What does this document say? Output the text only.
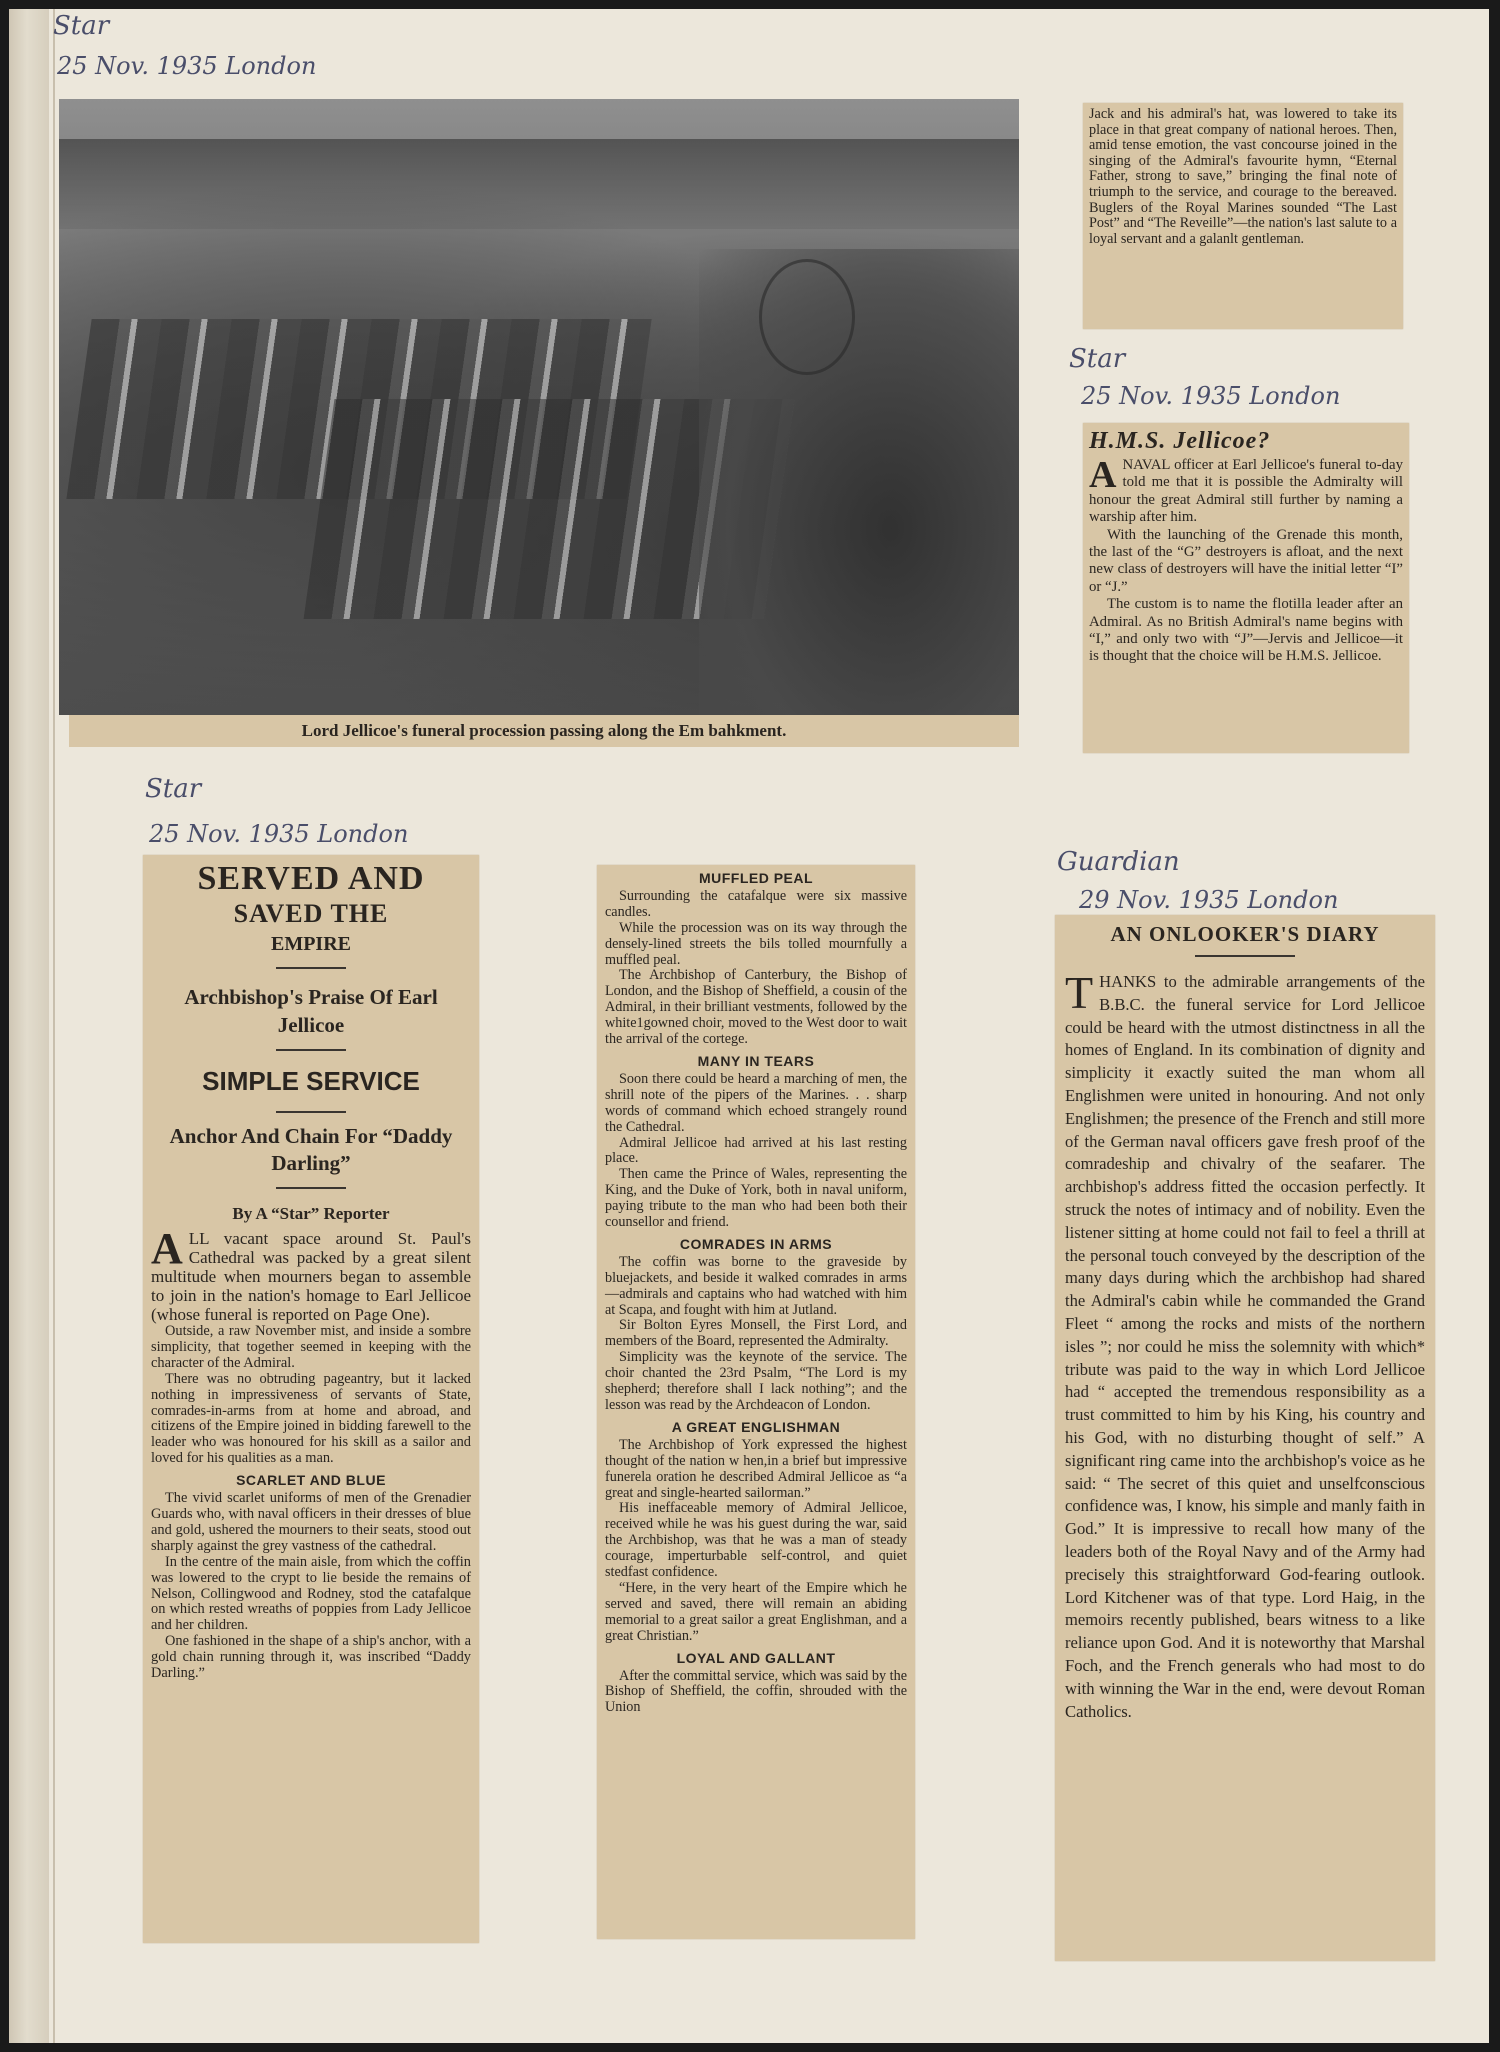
Star
25 Nov. 1935 London
Lord Jellicoe's funeral procession passing along the Em bahkment.

Jack and his admiral's hat, was lowered to take its place in that great company of national heroes. Then, amid tense emotion, the vast concourse joined in the singing of the Admiral's favourite hymn, “Eternal Father, strong to save,” bringing the final note of triumph to the service, and courage to the bereaved. Buglers of the Royal Marines sounded “The Last Post” and “The Reveille”—the nation's last salute to a loyal servant and a galanlt gentleman.

Star
25 Nov. 1935 London
H.M.S. Jellicoe?

ANAVAL officer at Earl Jellicoe's funeral to-day told me that it is possible the Admiralty will honour the great Admiral still further by naming a warship after him.

With the launching of the Grenade this month, the last of the “G” destroyers is afloat, and the next new class of destroyers will have the initial letter “I” or “J.”

The custom is to name the flotilla leader after an Admiral. As no British Admiral's name begins with “I,” and only two with “J”—Jervis and Jellicoe—it is thought that the choice will be H.M.S. Jellicoe.

Star
25 Nov. 1935 London
SERVED AND
SAVED THE
EMPIRE
Archbishop's Praise Of Earl Jellicoe
SIMPLE SERVICE
Anchor And Chain For “Daddy Darling”
By A “Star” Reporter

ALL vacant space around St. Paul's Cathedral was packed by a great silent multitude when mourners began to assemble to join in the nation's homage to Earl Jellicoe (whose funeral is reported on Page One).

Outside, a raw November mist, and inside a sombre simplicity, that together seemed in keeping with the character of the Admiral.

There was no obtruding pageantry, but it lacked nothing in impressiveness of servants of State, comrades-in-arms from at home and abroad, and citizens of the Empire joined in bidding farewell to the leader who was honoured for his skill as a sailor and loved for his qualities as a man.

SCARLET AND BLUE

The vivid scarlet uniforms of men of the Grenadier Guards who, with naval officers in their dresses of blue and gold, ushered the mourners to their seats, stood out sharply against the grey vastness of the cathedral.

In the centre of the main aisle, from which the coffin was lowered to the crypt to lie beside the remains of Nelson, Collingwood and Rodney, stod the catafalque on which rested wreaths of poppies from Lady Jellicoe and her children.

One fashioned in the shape of a ship's anchor, with a gold chain running through it, was inscribed “Daddy Darling.”

MUFFLED PEAL

Surrounding the catafalque were six massive candles.

While the procession was on its way through the densely-lined streets the bils tolled mournfully a muffled peal.

The Archbishop of Canterbury, the Bishop of London, and the Bishop of Sheffield, a cousin of the Admiral, in their brilliant vestments, followed by the white1gowned choir, moved to the West door to wait the arrival of the cortege.

MANY IN TEARS

Soon there could be heard a marching of men, the shrill note of the pipers of the Marines. . . sharp words of command which echoed strangely round the Cathedral.

Admiral Jellicoe had arrived at his last resting place.

Then came the Prince of Wales, representing the King, and the Duke of York, both in naval uniform, paying tribute to the man who had been both their counsellor and friend.

COMRADES IN ARMS

The coffin was borne to the graveside by bluejackets, and beside it walked comrades in arms—admirals and captains who had watched with him at Scapa, and fought with him at Jutland.

Sir Bolton Eyres Monsell, the First Lord, and members of the Board, represented the Admiralty.

Simplicity was the keynote of the service. The choir chanted the 23rd Psalm, “The Lord is my shepherd; therefore shall I lack nothing”; and the lesson was read by the Archdeacon of London.

A GREAT ENGLISHMAN

The Archbishop of York expressed the highest thought of the nation w hen,in a brief but impressive funerela oration he described Admiral Jellicoe as “a great and single-hearted sailorman.”

His ineffaceable memory of Admiral Jellicoe, received while he was his guest during the war, said the Archbishop, was that he was a man of steady courage, imperturbable self-control, and quiet stedfast confidence.

“Here, in the very heart of the Empire which he served and saved, there will remain an abiding memorial to a great sailor a great Englishman, and a great Christian.”

LOYAL AND GALLANT

After the committal service, which was said by the Bishop of Sheffield, the coffin, shrouded with the Union

Guardian
29 Nov. 1935 London
AN ONLOOKER'S DIARY

THANKS to the admirable arrangements of the B.B.C. the funeral service for Lord Jellicoe could be heard with the utmost distinctness in all the homes of England. In its combination of dignity and simplicity it exactly suited the man whom all Englishmen were united in honouring. And not only Englishmen; the presence of the French and still more of the German naval officers gave fresh proof of the comradeship and chivalry of the seafarer. The archbishop's address fitted the occasion perfectly. It struck the notes of intimacy and of nobility. Even the listener sitting at home could not fail to feel a thrill at the personal touch conveyed by the description of the many days during which the archbishop had shared the Admiral's cabin while he commanded the Grand Fleet “ among the rocks and mists of the northern isles ”; nor could he miss the solemnity with which* tribute was paid to the way in which Lord Jellicoe had “ accepted the tremendous responsibility as a trust committed to him by his King, his country and his God, with no disturbing thought of self.” A significant ring came into the archbishop's voice as he said: “ The secret of this quiet and unselfconscious confidence was, I know, his simple and manly faith in God.” It is impressive to recall how many of the leaders both of the Royal Navy and of the Army had precisely this straightforward God-fearing outlook. Lord Kitchener was of that type. Lord Haig, in the memoirs recently published, bears witness to a like reliance upon God. And it is noteworthy that Marshal Foch, and the French generals who had most to do with winning the War in the end, were devout Roman Catholics.
